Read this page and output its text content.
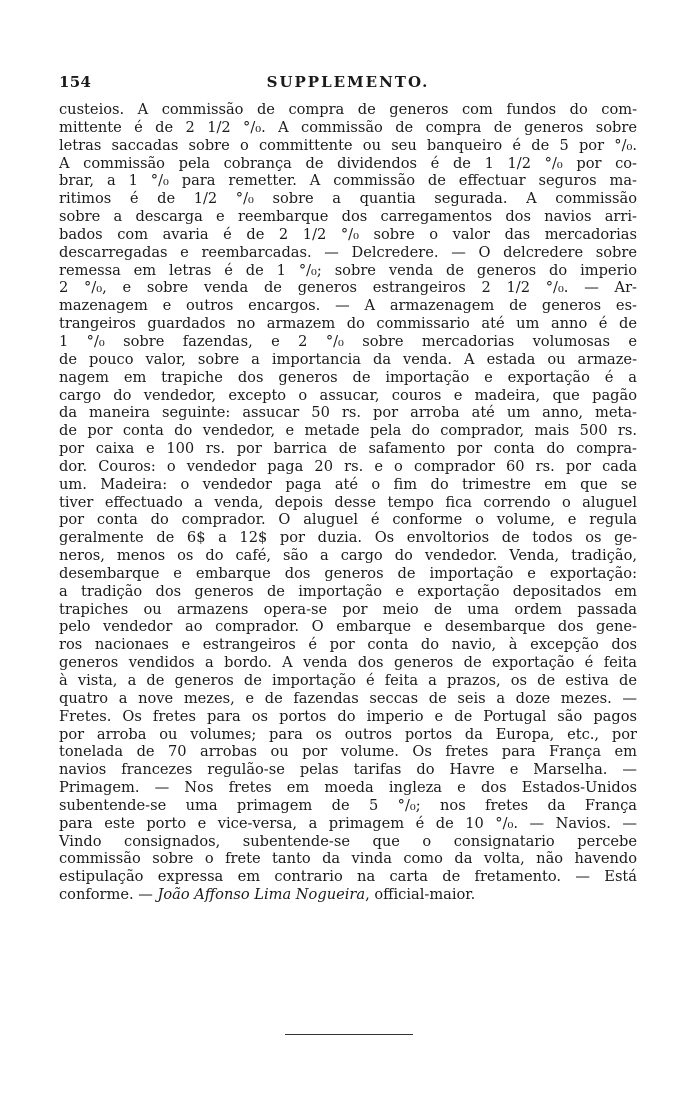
154	SUPPLEMENTO.
custeios. A commissão de compra de generos com fundos do com-
mittente é de 2 1/2 °/₀. A commissão de compra de generos sobre
letras saccadas sobre o committente ou seu banqueiro é de 5 por °/₀.
A commissão pela cobrança de dividendos é de 1 1/2 °/₀ por co-
brar, a 1 °/₀ para remetter. A commissão de effectuar seguros ma-
ritimos é de 1/2 °/₀ sobre a quantia segurada. A commissão
sobre a descarga e reembarque dos carregamentos dos navios arri-
bados com avaria é de 2 1/2 °/₀ sobre o valor das mercadorias
descarregadas e reembarcadas. — Delcredere. — O delcredere sobre
remessa em letras é de 1 °/₀; sobre venda de generos do imperio
2 °/₀, e sobre venda de generos estrangeiros 2 1/2 °/₀. — Ar-
mazenagem e outros encargos. — A armazenagem de generos es-
trangeiros guardados no armazem do commissario até um anno é de
1 °/₀ sobre fazendas, e 2 °/₀ sobre mercadorias volumosas e
de pouco valor, sobre a importancia da venda. A estada ou armaze-
nagem em trapiche dos generos de importação e exportação é a
cargo do vendedor, excepto o assucar, couros e madeira, que pagão
da maneira seguinte: assucar 50 rs. por arroba até um anno, meta-
de por conta do vendedor, e metade pela do comprador, mais 500 rs.
por caixa e 100 rs. por barrica de safamento por conta do compra-
dor. Couros: o vendedor paga 20 rs. e o comprador 60 rs. por cada
um. Madeira: o vendedor paga até o fim do trimestre em que se
tiver effectuado a venda, depois desse tempo fica correndo o aluguel
por conta do comprador. O aluguel é conforme o volume, e regula
geralmente de 6$ a 12$ por duzia. Os envoltorios de todos os ge-
neros, menos os do café, são a cargo do vendedor. Venda, tradição,
desembarque e embarque dos generos de importação e exportação:
a tradição dos generos de importação e exportação depositados em
trapiches ou armazens opera-se por meio de uma ordem passada
pelo vendedor ao comprador. O embarque e desembarque dos gene-
ros nacionaes e estrangeiros é por conta do navio, à excepção dos
generos vendidos a bordo. A venda dos generos de exportação é feita
à vista, a de generos de importação é feita a prazos, os de estiva de
quatro a nove mezes, e de fazendas seccas de seis a doze mezes. —
Fretes. Os fretes para os portos do imperio e de Portugal são pagos
por arroba ou volumes; para os outros portos da Europa, etc., por
tonelada de 70 arrobas ou por volume. Os fretes para França em
navios francezes regulão-se pelas tarifas do Havre e Marselha. —
Primagem. — Nos fretes em moeda ingleza e dos Estados-Unidos
subentende-se uma primagem de 5 °/₀; nos fretes da França
para este porto e vice-versa, a primagem é de 10 °/₀. — Navios. —
Vindo consignados, subentende-se que o consignatario percebe
commissão sobre o frete tanto da vinda como da volta, não havendo
estipulação expressa em contrario na carta de fretamento. — Está
conforme. — João Affonso Lima Nogueira, official-maior.
